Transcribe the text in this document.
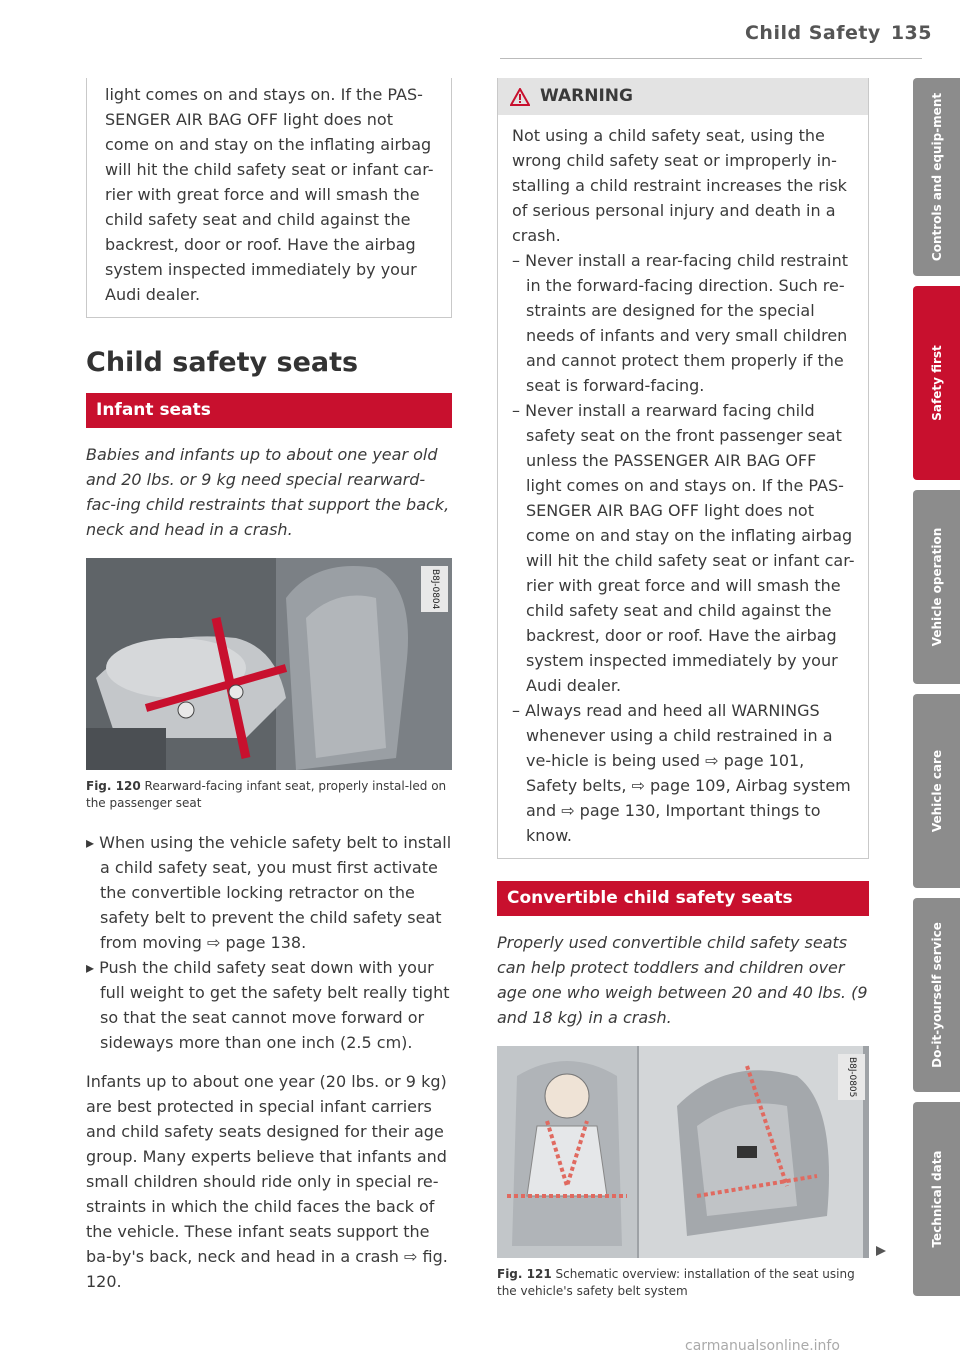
Child Safety 135

light comes on and stays on. If the PAS-SENGER AIR BAG OFF light does not come on and stay on the inflating airbag will hit the child safety seat or infant car-rier with great force and will smash the child safety seat and child against the backrest, door or roof. Have the airbag system inspected immediately by your Audi dealer.

Child safety seats
Infant seats

Babies and infants up to about one year old and 20 lbs. or 9 kg need special rearward-fac-ing child restraints that support the back, neck and head in a crash.

B8J-0804
Fig. 120 Rearward-facing infant seat, properly instal-led on the passenger seat

▸ When using the vehicle safety belt to install a child safety seat, you must first activate the convertible locking retractor on the safety belt to prevent the child safety seat from moving ⇨ page 138.

▸ Push the child safety seat down with your full weight to get the safety belt really tight so that the seat cannot move forward or sideways more than one inch (2.5 cm).

Infants up to about one year (20 lbs. or 9 kg) are best protected in special infant carriers and child safety seats designed for their age group. Many experts believe that infants and small children should ride only in special re-straints in which the child faces the back of the vehicle. These infant seats support the ba-by's back, neck and head in a crash ⇨ fig. 120.

WARNING

Not using a child safety seat, using the wrong child safety seat or improperly in-stalling a child restraint increases the risk of serious personal injury and death in a crash.

– Never install a rear-facing child restraint in the forward-facing direction. Such re-straints are designed for the special needs of infants and very small children and cannot protect them properly if the seat is forward-facing.

– Never install a rearward facing child safety seat on the front passenger seat unless the PASSENGER AIR BAG OFF light comes on and stays on. If the PAS-SENGER AIR BAG OFF light does not come on and stay on the inflating airbag will hit the child safety seat or infant car-rier with great force and will smash the child safety seat and child against the backrest, door or roof. Have the airbag system inspected immediately by your Audi dealer.

– Always read and heed all WARNINGS whenever using a child restrained in a ve-hicle is being used ⇨ page 101, Safety belts, ⇨ page 109, Airbag system and ⇨ page 130, Important things to know.

Convertible child safety seats

Properly used convertible child safety seats can help protect toddlers and children over age one who weigh between 20 and 40 lbs. (9 and 18 kg) in a crash.

B8J-0805
Fig. 121 Schematic overview: installation of the seat using the vehicle's safety belt system
Controls and equip-ment
Safety first
Vehicle operation
Vehicle care
Do-it-yourself service
Technical data
carmanualsonline.info
